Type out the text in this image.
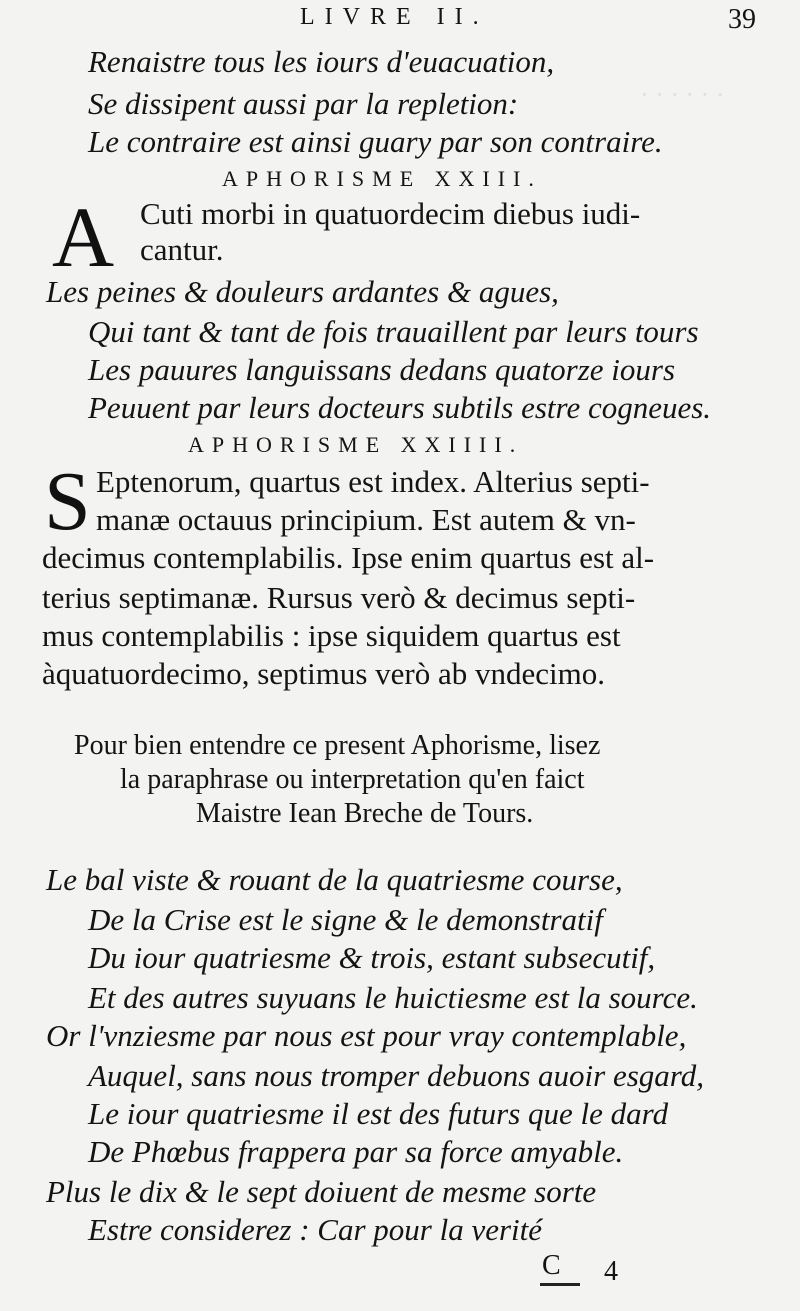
· · · · · ·
LIVRE II.	39
Renaistre tous les iours d'euacuation,
Se dissipent aussi par la repletion:
Le contraire est ainsi guary par son contraire.
APHORISME XXIII.
A Cuti morbi in quatuordecim diebus iudi-
cantur.
Les peines & douleurs ardantes & agues,
Qui tant & tant de fois trauaillent par leurs tours
Les pauures languissans dedans quatorze iours
Peuuent par leurs docteurs subtils estre cogneues.
APHORISME XXIIII.
S Eptenorum, quartus est index. Alterius septi-
manæ octauus principium. Est autem & vn-
decimus contemplabilis. Ipse enim quartus est al-
terius septimanæ. Rursus verò & decimus septi-
mus contemplabilis : ipse siquidem quartus est
àquatuordecimo, septimus verò ab vndecimo.
Pour bien entendre ce present Aphorisme, lisez
la paraphrase ou interpretation qu'en faict
Maistre Iean Breche de Tours.
Le bal viste & rouant de la quatriesme course,
De la Crise est le signe & le demonstratif
Du iour quatriesme & trois, estant subsecutif,
Et des autres suyuans le huictiesme est la source.
Or l'vnziesme par nous est pour vray contemplable,
Auquel, sans nous tromper debuons auoir esgard,
Le iour quatriesme il est des futurs que le dard
De Phœbus frappera par sa force amyable.
Plus le dix & le sept doiuent de mesme sorte
Estre considerez : Car pour la verité
C 4
